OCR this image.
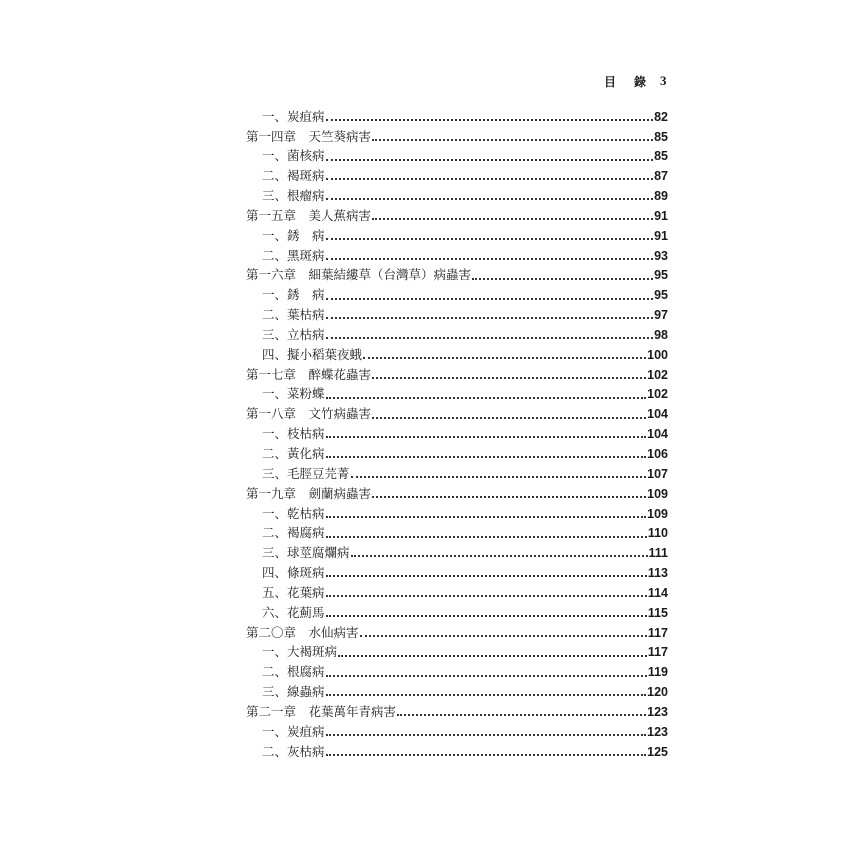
目 錄 3
一、炭疽病	82
第一四章　天竺葵病害	85
一、菌核病	85
二、褐斑病	87
三、根瘤病	89
第一五章　美人蕉病害	91
一、銹　病	91
二、黑斑病	93
第一六章　細葉結縷草（台灣草）病蟲害	95
一、銹　病	95
二、葉枯病	97
三、立枯病	98
四、擬小稻葉夜蛾	100
第一七章　醉蝶花蟲害	102
一、菜粉蝶	102
第一八章　文竹病蟲害	104
一、枝枯病	104
二、黃化病	106
三、毛脛豆芫菁	107
第一九章　劍蘭病蟲害	109
一、乾枯病	109
二、褐腐病	110
三、球莖腐爛病	111
四、條斑病	113
五、花葉病	114
六、花薊馬	115
第二〇章　水仙病害	117
一、大褐斑病	117
二、根腐病	119
三、線蟲病	120
第二一章　花葉萬年青病害	123
一、炭疽病	123
二、灰枯病	125
